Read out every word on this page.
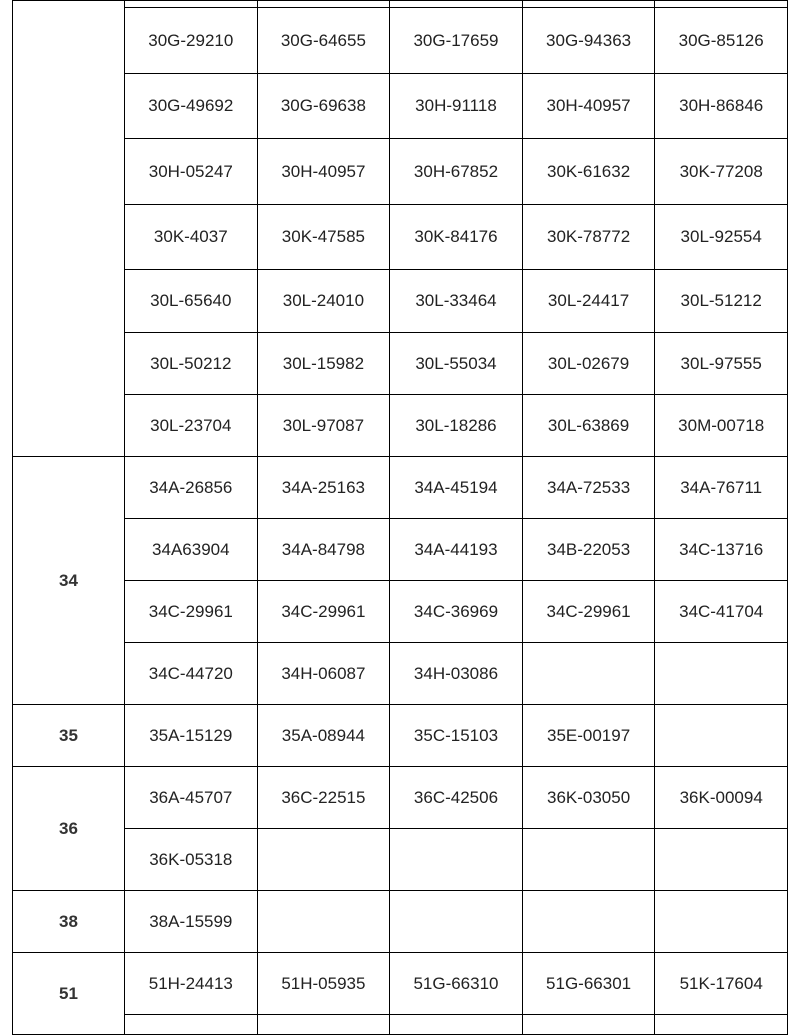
	30G-29210	30G-64655	30G-17659	30G-94363	30G-85126
	30G-49692	30G-69638	30H-91118	30H-40957	30H-86846
	30H-05247	30H-40957	30H-67852	30K-61632	30K-77208
	30K-4037	30K-47585	30K-84176	30K-78772	30L-92554
	30L-65640	30L-24010	30L-33464	30L-24417	30L-51212
	30L-50212	30L-15982	30L-55034	30L-02679	30L-97555
	30L-23704	30L-97087	30L-18286	30L-63869	30M-00718
34	34A-26856	34A-25163	34A-45194	34A-72533	34A-76711
	34A63904	34A-84798	34A-44193	34B-22053	34C-13716
	34C-29961	34C-29961	34C-36969	34C-29961	34C-41704
	34C-44720	34H-06087	34H-03086		
35	35A-15129	35A-08944	35C-15103	35E-00197	
36	36A-45707	36C-22515	36C-42506	36K-03050	36K-00094
	36K-05318				
38	38A-15599				
51	51H-24413	51H-05935	51G-66310	51G-66301	51K-17604
